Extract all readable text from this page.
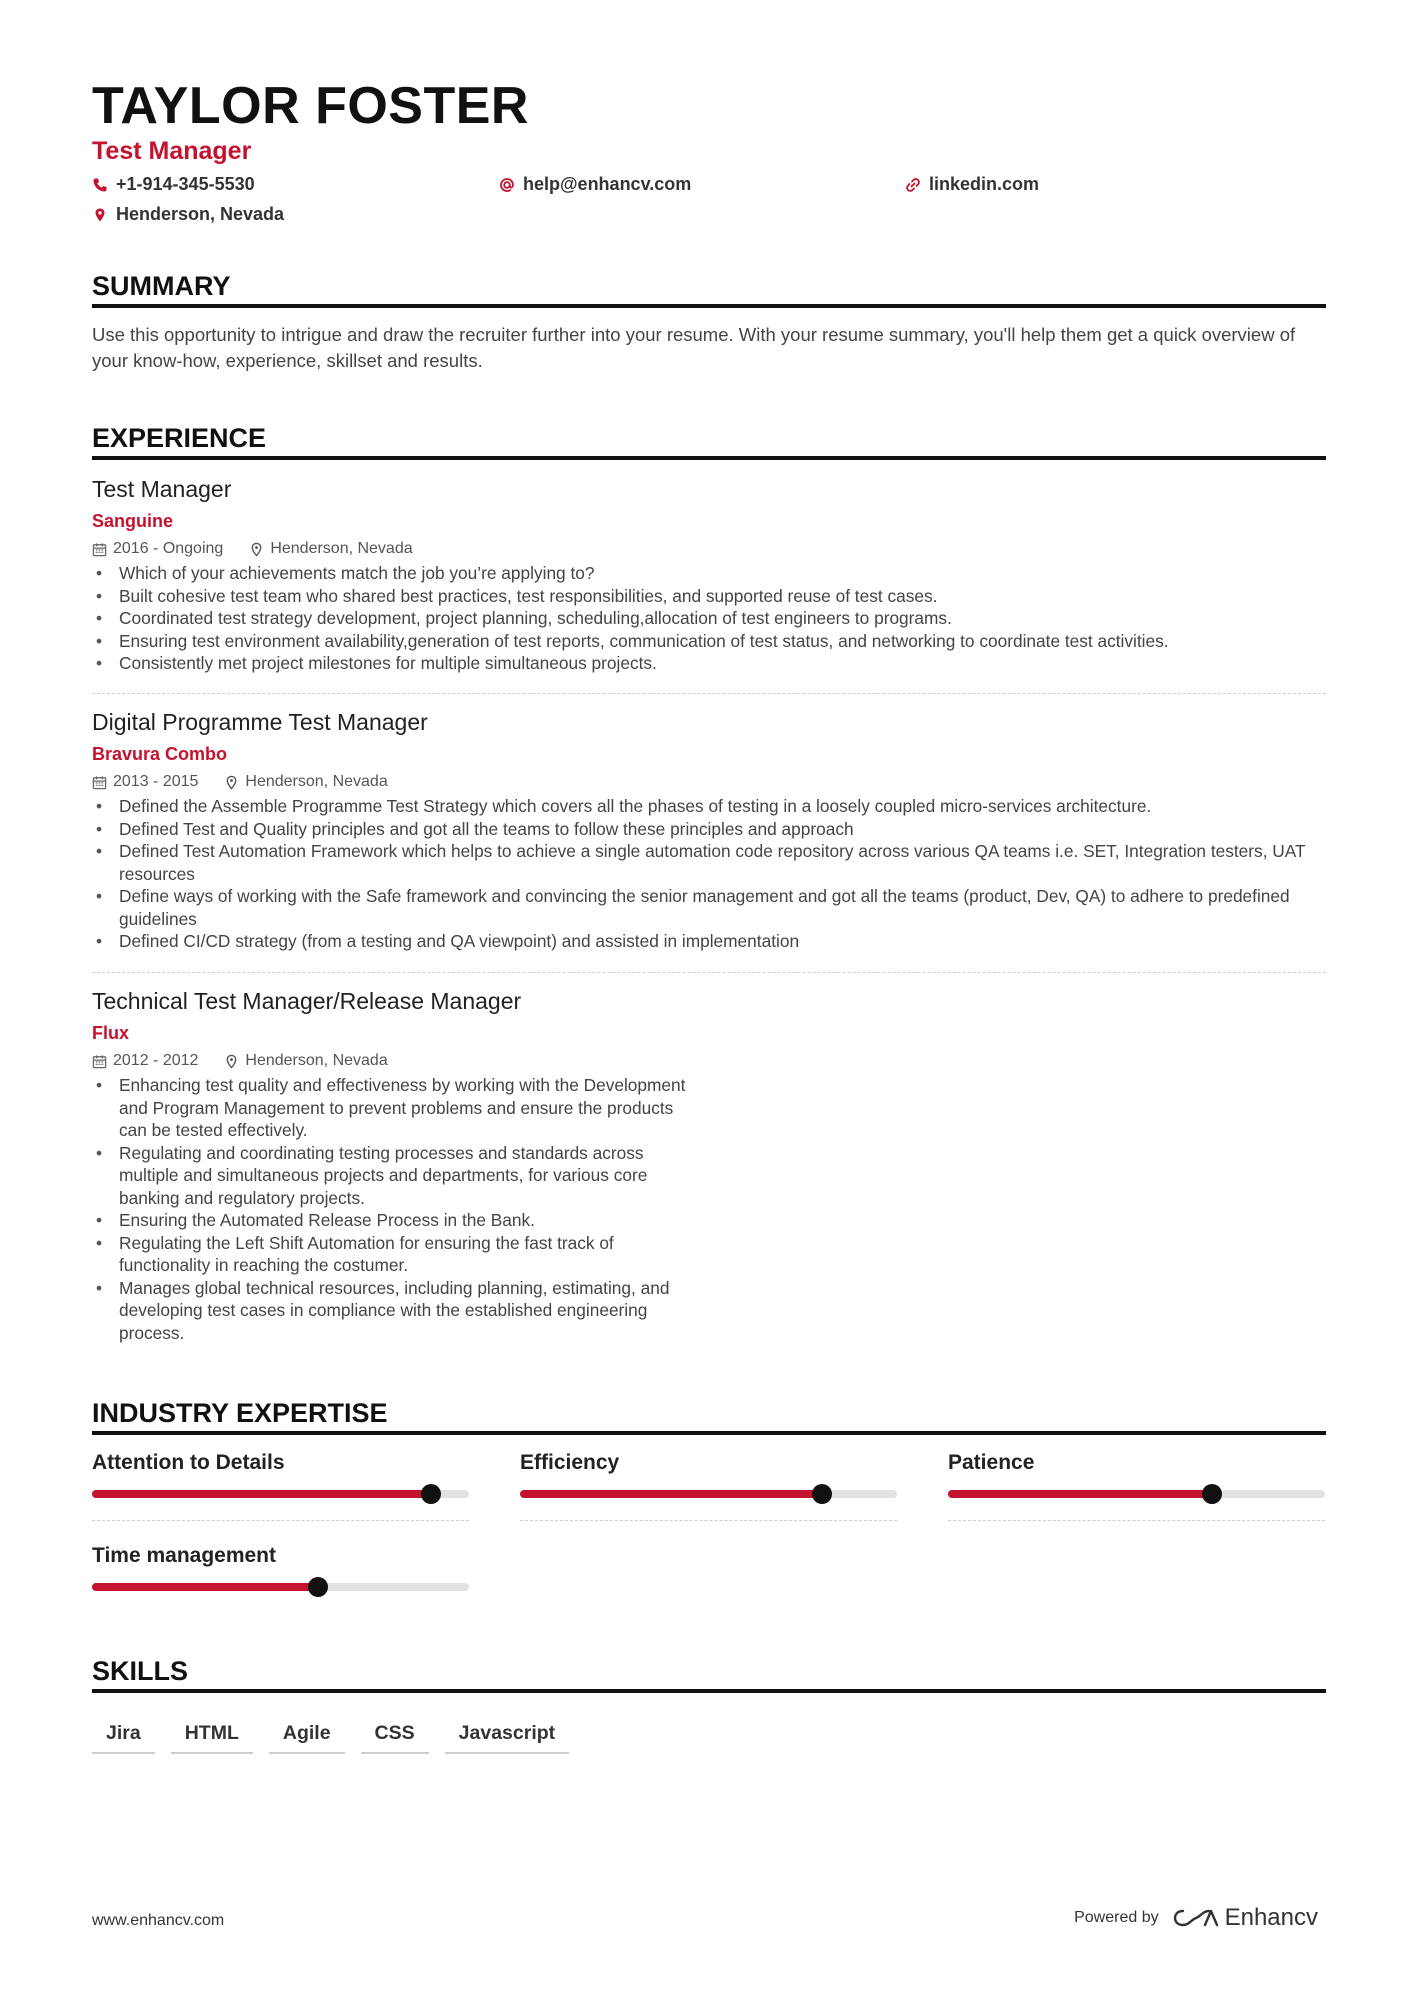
TAYLOR FOSTER
Test Manager
+1-914-345-5530	help@enhancv.com	linkedin.com
Henderson, Nevada
SUMMARY
Use this opportunity to intrigue and draw the recruiter further into your resume. With your resume summary, you'll help them get a quick overview of your know-how, experience, skillset and results.
EXPERIENCE
Test Manager
Sanguine
2016 - Ongoing	Henderson, Nevada
• Which of your achievements match the job you’re applying to?
• Built cohesive test team who shared best practices, test responsibilities, and supported reuse of test cases.
• Coordinated test strategy development, project planning, scheduling,allocation of test engineers to programs.
• Ensuring test environment availability,generation of test reports, communication of test status, and networking to coordinate test activities.
• Consistently met project milestones for multiple simultaneous projects.
Digital Programme Test Manager
Bravura Combo
2013 - 2015	Henderson, Nevada
• Defined the Assemble Programme Test Strategy which covers all the phases of testing in a loosely coupled micro-services architecture.
• Defined Test and Quality principles and got all the teams to follow these principles and approach
• Defined Test Automation Framework which helps to achieve a single automation code repository across various QA teams i.e. SET, Integration testers, UAT resources
• Define ways of working with the Safe framework and convincing the senior management and got all the teams (product, Dev, QA) to adhere to predefined guidelines
• Defined CI/CD strategy (from a testing and QA viewpoint) and assisted in implementation
Technical Test Manager/Release Manager
Flux
2012 - 2012	Henderson, Nevada
• Enhancing test quality and effectiveness by working with the Development and Program Management to prevent problems and ensure the products can be tested effectively.
• Regulating and coordinating testing processes and standards across multiple and simultaneous projects and departments, for various core banking and regulatory projects.
• Ensuring the Automated Release Process in the Bank.
• Regulating the Left Shift Automation for ensuring the fast track of functionality in reaching the costumer.
• Manages global technical resources, including planning, estimating, and developing test cases in compliance with the established engineering process.
INDUSTRY EXPERTISE
Attention to Details	Efficiency	Patience
Time management
SKILLS
Jira	HTML	Agile	CSS	Javascript
www.enhancv.com	Powered by	Enhancv
